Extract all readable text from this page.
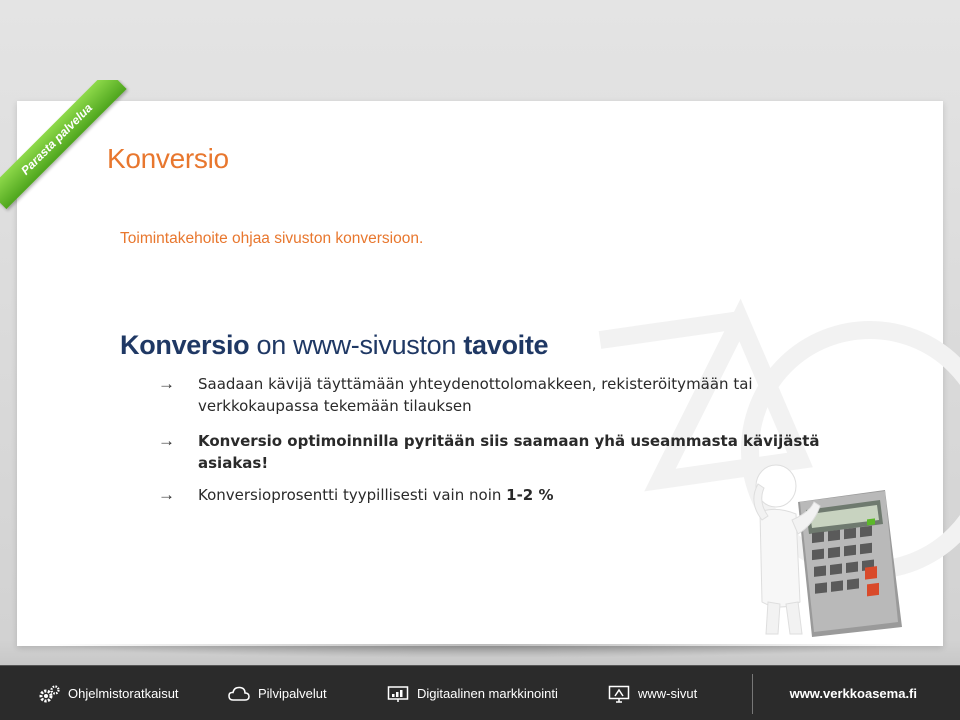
Parasta palvelua Konversio
Toimintakehoite ohjaa sivuston konversioon.
Konversio on www-sivuston tavoite
→ Saadaan kävijä täyttämään yhteydenottolomakkeen, rekisteröitymään tai verkkokaupassa tekemään tilauksen
→ Konversio optimoinnilla pyritään siis saamaan yhä useammasta kävijästä asiakas!
→ Konversioprosentti tyypillisesti vain noin 1-2 %
Ohjelmistoratkaisut	Pilvipalvelut	Digitaalinen markkinointi	www-sivut	www.verkkoasema.fi
